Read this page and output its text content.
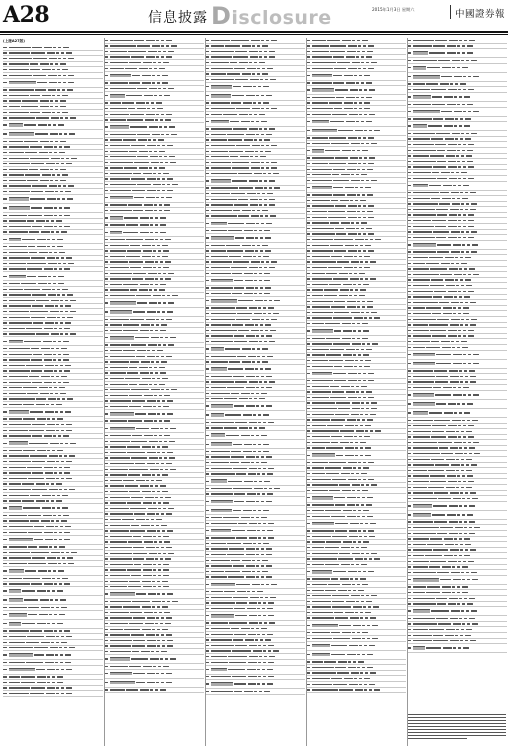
A28	信息披露 Disclosure	2015年1月3日 星期六	中國證券報
(上接A27版)
